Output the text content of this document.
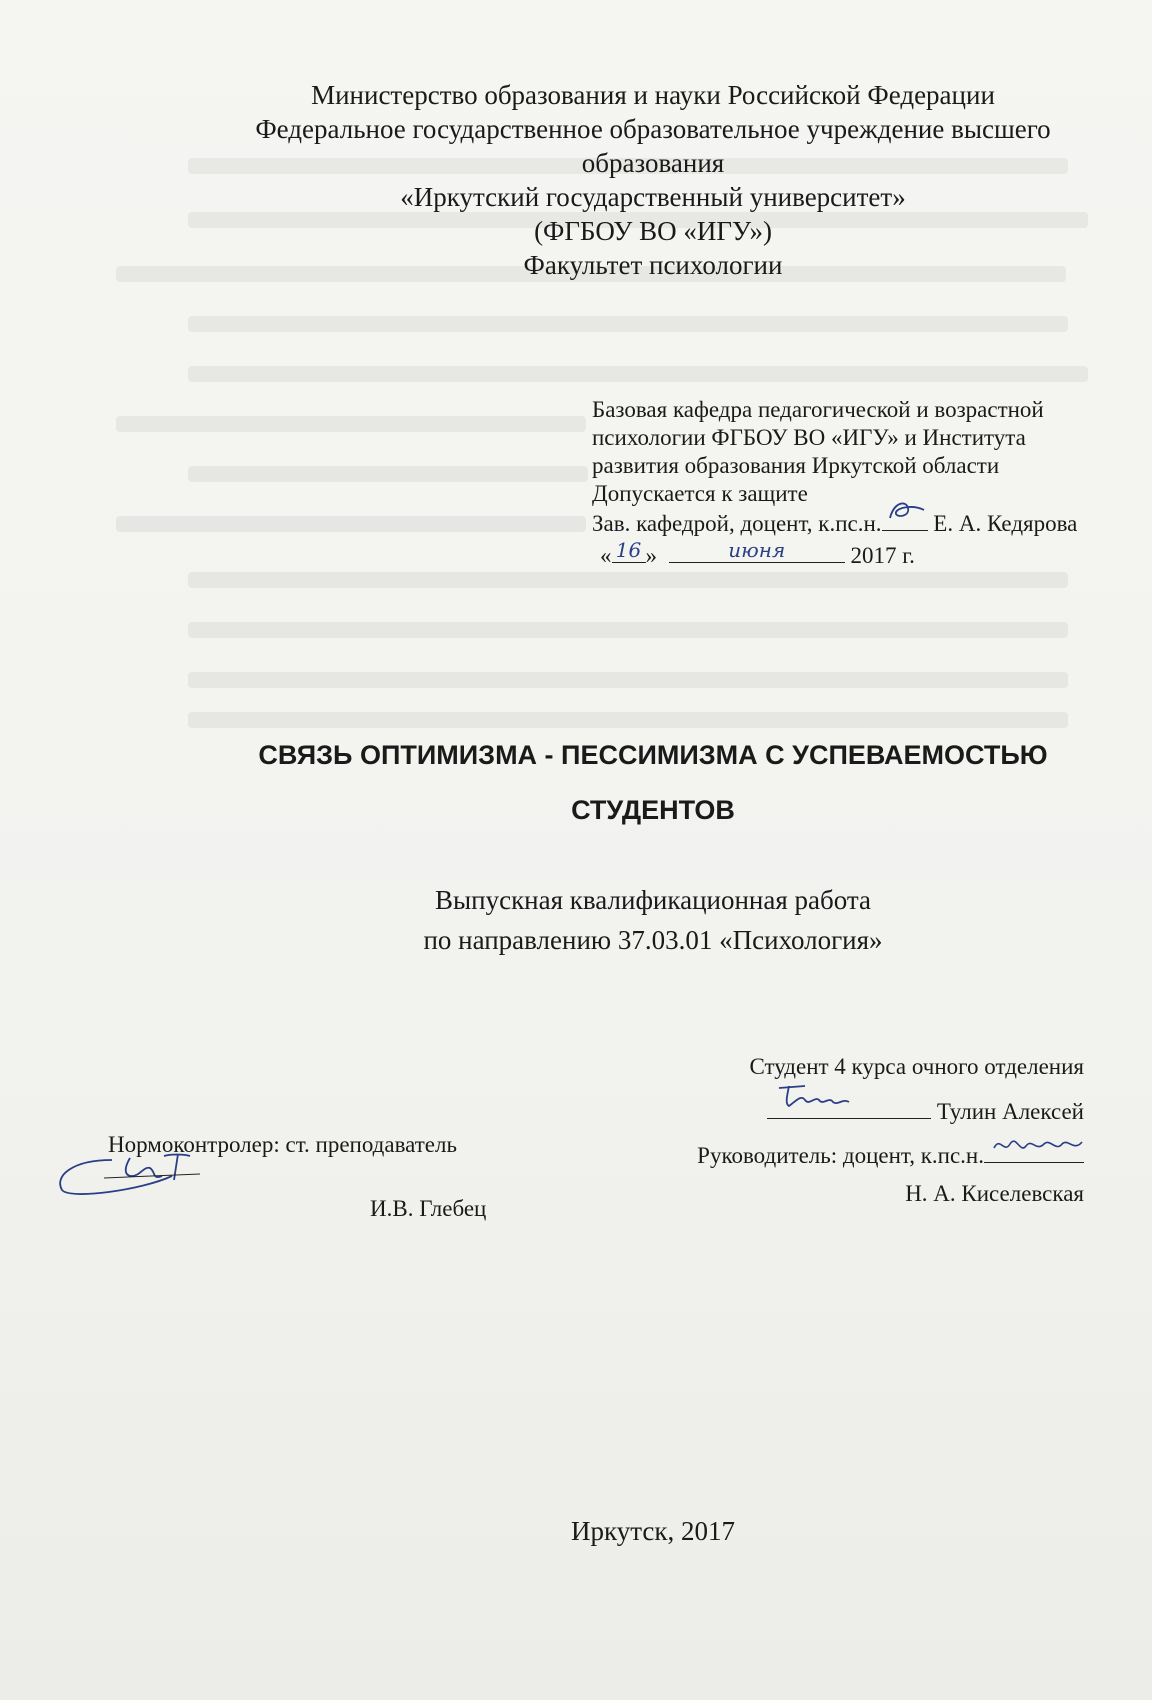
Министерство образования и науки Российской Федерации
Федеральное государственное образовательное учреждение высшего
образования
«Иркутский государственный университет»
(ФГБОУ ВО «ИГУ»)
Факультет психологии
Базовая кафедра педагогической и возрастной
психологии ФГБОУ ВО «ИГУ» и Института
развития образования Иркутской области
Допускается к защите
Зав. кафедрой, доцент, к.пс.н. Е. А. Кедярова
« 16 »	июня	2017 г.
СВЯЗЬ ОПТИМИЗМА - ПЕССИМИЗМА С УСПЕВАЕМОСТЬЮ
СТУДЕНТОВ
Выпускная квалификационная работа
по направлению 37.03.01 «Психология»
Студент 4 курса очного отделения
Тулин Алексей
Нормоконтролер: ст. преподаватель
И.В. Глебец
Руководитель: доцент, к.пс.н.
Н. А. Киселевская
Иркутск, 2017
